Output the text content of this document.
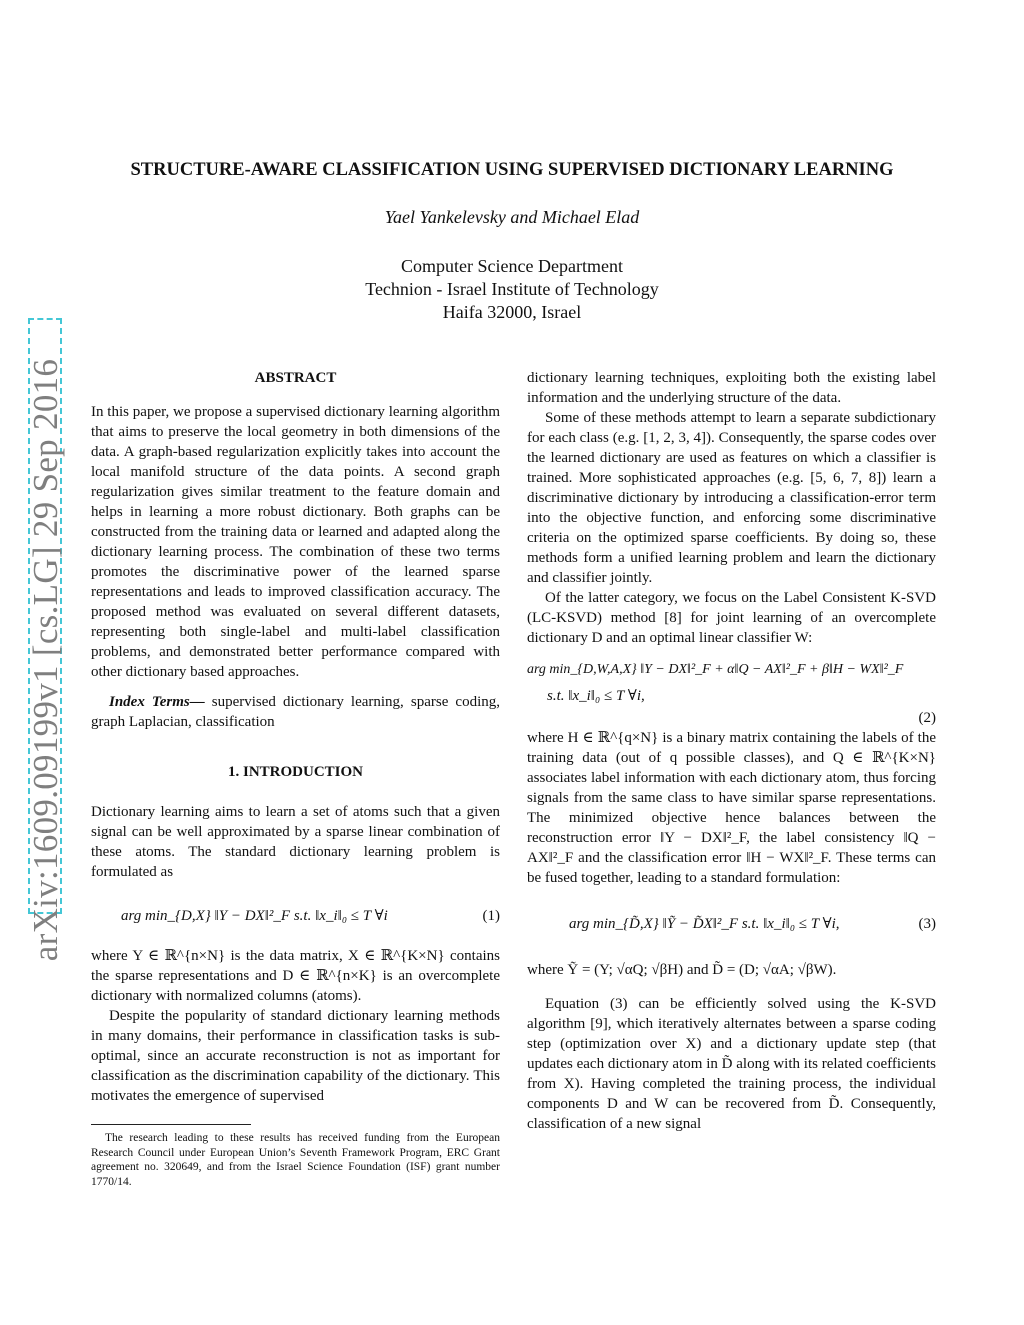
arXiv:1609.09199v1 [cs.LG] 29 Sep 2016
STRUCTURE-AWARE CLASSIFICATION USING SUPERVISED DICTIONARY LEARNING
Yael Yankelevsky and Michael Elad
Computer Science Department
Technion - Israel Institute of Technology
Haifa 32000, Israel
ABSTRACT

In this paper, we propose a supervised dictionary learning algorithm that aims to preserve the local geometry in both dimensions of the data. A graph-based regularization explicitly takes into account the local manifold structure of the data points. A second graph regularization gives similar treatment to the feature domain and helps in learning a more robust dictionary. Both graphs can be constructed from the training data or learned and adapted along the dictionary learning process. The combination of these two terms promotes the discriminative power of the learned sparse representations and leads to improved classification accuracy. The proposed method was evaluated on several different datasets, representing both single-label and multi-label classification problems, and demonstrated better performance compared with other dictionary based approaches.

Index Terms— supervised dictionary learning, sparse coding, graph Laplacian, classification

1. INTRODUCTION

Dictionary learning aims to learn a set of atoms such that a given signal can be well approximated by a sparse linear combination of these atoms. The standard dictionary learning problem is formulated as

arg min_{D,X} ‖Y − DX‖²_F s.t. ‖x_i‖₀ ≤ T ∀i	(1)

where Y ∈ ℝ^{n×N} is the data matrix, X ∈ ℝ^{K×N} contains the sparse representations and D ∈ ℝ^{n×K} is an overcomplete dictionary with normalized columns (atoms).

Despite the popularity of standard dictionary learning methods in many domains, their performance in classification tasks is sub-optimal, since an accurate reconstruction is not as important for classification as the discrimination capability of the dictionary. This motivates the emergence of supervised

The research leading to these results has received funding from the European Research Council under European Union’s Seventh Framework Program, ERC Grant agreement no. 320649, and from the Israel Science Foundation (ISF) grant number 1770/14.

dictionary learning techniques, exploiting both the existing label information and the underlying structure of the data.

Some of these methods attempt to learn a separate subdictionary for each class (e.g. [1, 2, 3, 4]). Consequently, the sparse codes over the learned dictionary are used as features on which a classifier is trained. More sophisticated approaches (e.g. [5, 6, 7, 8]) learn a discriminative dictionary by introducing a classification-error term into the objective function, and enforcing some discriminative criteria on the optimized sparse coefficients. By doing so, these methods form a unified learning problem and learn the dictionary and classifier jointly.

Of the latter category, we focus on the Label Consistent K-SVD (LC-KSVD) method [8] for joint learning of an overcomplete dictionary D and an optimal linear classifier W:

arg min_{D,W,A,X} ‖Y − DX‖²_F + α‖Q − AX‖²_F + β‖H − WX‖²_F
s.t. ‖x_i‖₀ ≤ T ∀i,
(2)

where H ∈ ℝ^{q×N} is a binary matrix containing the labels of the training data (out of q possible classes), and Q ∈ ℝ^{K×N} associates label information with each dictionary atom, thus forcing signals from the same class to have similar sparse representations. The minimized objective hence balances between the reconstruction error ‖Y − DX‖²_F, the label consistency ‖Q − AX‖²_F and the classification error ‖H − WX‖²_F. These terms can be fused together, leading to a standard formulation:

arg min_{D̃,X} ‖Ỹ − D̃X‖²_F s.t. ‖x_i‖₀ ≤ T ∀i,	(3)

where Ỹ = (Y; √αQ; √βH) and D̃ = (D; √αA; √βW).

Equation (3) can be efficiently solved using the K-SVD algorithm [9], which iteratively alternates between a sparse coding step (optimization over X) and a dictionary update step (that updates each dictionary atom in D̃ along with its related coefficients from X). Having completed the training process, the individual components D and W can be recovered from D̃. Consequently, classification of a new signal
